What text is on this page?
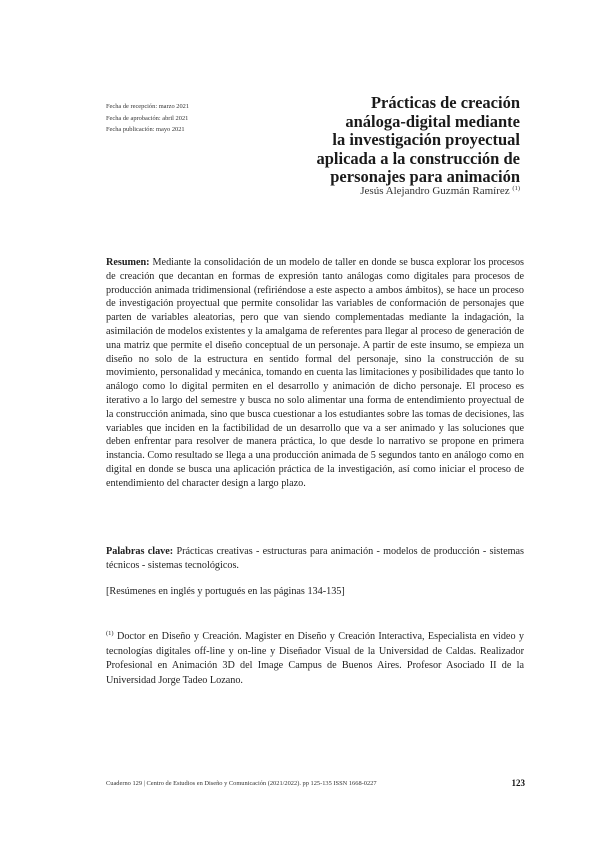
Fecha de recepción: marzo 2021
Fecha de aprobación: abril 2021
Fecha publicación: mayo 2021
Prácticas de creación
análoga-digital mediante
la investigación proyectual
aplicada a la construcción de
personajes para animación
Jesús Alejandro Guzmán Ramírez $^{(1)}$
Resumen: Mediante la consolidación de un modelo de taller en donde se busca explorar los procesos de creación que decantan en formas de expresión tanto análogas como digitales para procesos de producción animada tridimensional (refiriéndose a este aspecto a ambos ámbitos), se hace un proceso de investigación proyectual que permite consolidar las variables de conformación de personajes que parten de variables aleatorias, pero que van siendo complementadas mediante la indagación, la asimilación de modelos existentes y la amalgama de referentes para llegar al proceso de generación de una matriz que permite el diseño conceptual de un personaje. A partir de este insumo, se empieza un diseño no solo de la estructura en sentido formal del personaje, sino la construcción de su movimiento, personalidad y mecánica, tomando en cuenta las limitaciones y posibilidades que tanto lo análogo como lo digital permiten en el desarrollo y animación de dicho personaje. El proceso es iterativo a lo largo del semestre y busca no solo alimentar una forma de entendimiento proyectual de la construcción animada, sino que busca cuestionar a los estudiantes sobre las tomas de decisiones, las variables que inciden en la factibilidad de un desarrollo que va a ser animado y las soluciones que deben enfrentar para resolver de manera práctica, lo que desde lo narrativo se propone en primera instancia. Como resultado se llega a una producción animada de 5 segundos tanto en análogo como en digital en donde se busca una aplicación práctica de la investigación, así como iniciar el proceso de entendimiento del character design a largo plazo.
Palabras clave: Prácticas creativas - estructuras para animación - modelos de producción - sistemas técnicos - sistemas tecnológicos.
[Resúmenes en inglés y portugués en las páginas 134-135]
$^{(1)}$ Doctor en Diseño y Creación. Magister en Diseño y Creación Interactiva, Especialista en video y tecnologías digitales off-line y on-line y Diseñador Visual de la Universidad de Caldas. Realizador Profesional en Animación 3D del Image Campus de Buenos Aires. Profesor Asociado II de la Universidad Jorge Tadeo Lozano.
Cuaderno 129 | Centro de Estudios en Diseño y Comunicación (2021/2022). pp 125-135 ISSN 1668-0227	123
